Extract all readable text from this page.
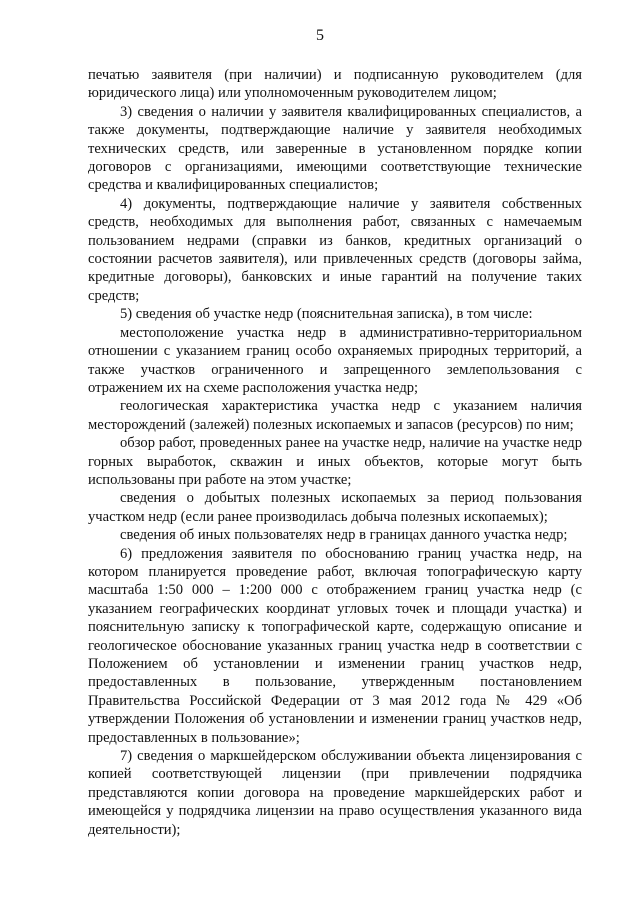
5

печатью заявителя (при наличии) и подписанную руководителем (для юридического лица) или уполномоченным руководителем лицом;

3) сведения о наличии у заявителя квалифицированных специалистов, а также документы, подтверждающие наличие у заявителя необходимых технических средств, или заверенные в установленном порядке копии договоров с организациями, имеющими соответствующие технические средства и квалифицированных специалистов;

4) документы, подтверждающие наличие у заявителя собственных средств, необходимых для выполнения работ, связанных с намечаемым пользованием недрами (справки из банков, кредитных организаций о состоянии расчетов заявителя), или привлеченных средств (договоры займа, кредитные договоры), банковских и иные гарантий на получение таких средств;

5) сведения об участке недр (пояснительная записка), в том числе:

местоположение участка недр в административно-территориальном отношении с указанием границ особо охраняемых природных территорий, а также участков ограниченного и запрещенного землепользования с отражением их на схеме расположения участка недр;

геологическая характеристика участка недр с указанием наличия месторождений (залежей) полезных ископаемых и запасов (ресурсов) по ним;

обзор работ, проведенных ранее на участке недр, наличие на участке недр горных выработок, скважин и иных объектов, которые могут быть использованы при работе на этом участке;

сведения о добытых полезных ископаемых за период пользования участком недр (если ранее производилась добыча полезных ископаемых);

сведения об иных пользователях недр в границах данного участка недр;

6) предложения заявителя по обоснованию границ участка недр, на котором планируется проведение работ, включая топографическую карту масштаба 1:50 000 – 1:200 000 с отображением границ участка недр (с указанием географических координат угловых точек и площади участка) и пояснительную записку к топографической карте, содержащую описание и геологическое обоснование указанных границ участка недр в соответствии с Положением об установлении и изменении границ участков недр, предоставленных в пользование, утвержденным постановлением Правительства Российской Федерации от 3 мая 2012 года № 429 «Об утверждении Положения об установлении и изменении границ участков недр, предоставленных в пользование»;

7) сведения о маркшейдерском обслуживании объекта лицензирования с копией соответствующей лицензии (при привлечении подрядчика представляются копии договора на проведение маркшейдерских работ и имеющейся у подрядчика лицензии на право осуществления указанного вида деятельности);
